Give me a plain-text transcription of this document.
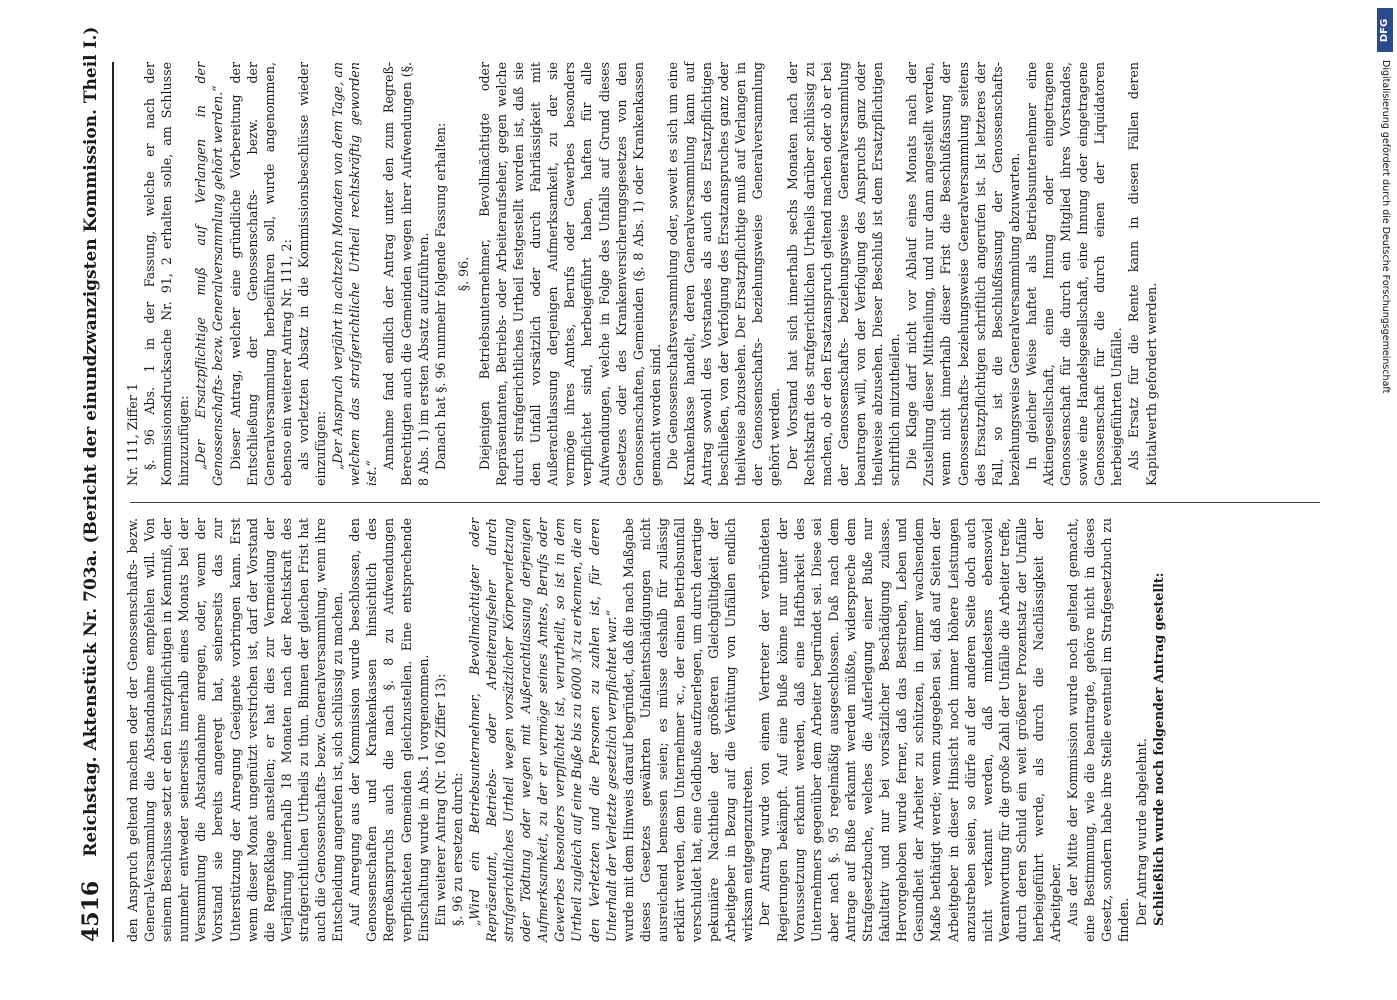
4516
Reichstag. Aktenstück Nr. 703a. (Bericht der einundzwanzigsten Kommission. Theil I.) den Anspruch geltend machen oder der Genossenschafts- bezw. General-Versammlung die Abstandnahme empfehlen will. Von seinem Beschlusse setzt er den Ersatzpflichtigen in Kenntniß, der nunmehr entweder seinerseits innerhalb eines Monats bei der Versammlung die Abstandnahme anregen, oder, wenn der Vorstand sie bereits angeregt hat, seinerseits das zur Unterstützung der Anregung Geeignete vorbringen kann. Erst wenn dieser Monat ungenützt verstrichen ist, darf der Vorstand die Regreßklage anstellen; er hat dies zur Vermeidung der Verjährung innerhalb 18 Monaten nach der Rechtskraft des strafgerichtlichen Urtheils zu thun. Binnen der gleichen Frist hat auch die Genossenschafts- bezw. Generalversammlung, wenn ihre Entscheidung angerufen ist, sich schlüssig zu machen. Auf Anregung aus der Kommission wurde beschlossen, den Genossenschaften und Krankenkassen hinsichtlich des Regreßanspruchs auch die nach §. 8 zu Aufwendungen verpflichteten Gemeinden gleichzustellen. Eine entsprechende Einschaltung wurde in Abs. 1 vorgenommen. Ein weiterer Antrag (Nr. 106 Ziffer 13): §. 96 zu ersetzen durch: „Wird ein Betriebsunternehmer, Bevollmächtigter oder Repräsentant, Betriebs- oder Arbeiteraufseher durch strafgerichtliches Urtheil wegen vorsätzlicher Körperverletzung oder Tödtung oder wegen mit Außerachtlassung derjenigen Aufmerksamkeit, zu der er vermöge seines Amtes, Berufs oder Gewerbes besonders verpflichtet ist, verurtheilt, so ist in dem Urtheil zugleich auf eine Buße bis zu 6000 ℳ zu erkennen, die an den Verletzten und die Personen zu zahlen ist, für deren Unterhalt der Verletzte gesetzlich verpflichtet war.“ wurde mit dem Hinweis darauf begründet, daß die nach Maßgabe dieses Gesetzes gewährten Unfallentschädigungen nicht ausreichend bemessen seien; es müsse deshalb für zulässig erklärt werden, dem Unternehmer ꝛc., der einen Betriebsunfall verschuldet hat, eine Geldbuße aufzuerlegen, um durch derartige pekuniäre Nachtheile der größeren Gleichgültigkeit der Arbeitgeber in Bezug auf die Verhütung von Unfällen endlich wirksam entgegenzutreten. Der Antrag wurde von einem Vertreter der verbündeten Regierungen bekämpft. Auf eine Buße könne nur unter der Voraussetzung erkannt werden, daß eine Haftbarkeit des Unternehmers gegenüber dem Arbeiter begründet sei. Diese sei aber nach §. 95 regelmäßig ausgeschlossen. Daß nach dem Antrage auf Buße erkannt werden müßte, widerspreche dem Strafgesetzbuche, welches die Auferlegung einer Buße nur fakultativ und nur bei vorsätzlicher Beschädigung zulasse. Hervorgehoben wurde ferner, daß das Bestreben, Leben und Gesundheit der Arbeiter zu schützen, in immer wachsendem Maße bethätigt werde; wenn zugegeben sei, daß auf Seiten der Arbeitgeber in dieser Hinsicht noch immer höhere Leistungen anzustreben seien, so dürfe auf der anderen Seite doch auch nicht verkannt werden, daß mindestens ebensoviel Verantwortung für die große Zahl der Unfälle die Arbeiter treffe, durch deren Schuld ein weit größerer Prozentsatz der Unfälle herbeigeführt werde, als durch die Nachlässigkeit der Arbeitgeber. Aus der Mitte der Kommission wurde noch geltend gemacht, eine Bestimmung, wie die beantragte, gehöre nicht in dieses Gesetz, sondern habe ihre Stelle eventuell im Strafgesetzbuch zu finden. Der Antrag wurde abgelehnt. Schließlich wurde noch folgender Antrag gestellt:

Nr. 111, Ziffer 1 §. 96 Abs. 1 in der Fassung, welche er nach der Kommissionsdrucksache Nr. 91, 2 erhalten solle, am Schlusse hinzuzufügen: „Der Ersatzpflichtige muß auf Verlangen in der Genossenschafts- bezw. Generalversammlung gehört werden.“ Dieser Antrag, welcher eine gründliche Vorbereitung der Entschließung der Genossenschafts- bezw. der Generalversammlung herbeiführen soll, wurde angenommen, ebenso ein weiterer Antrag Nr. 111, 2: als vorletzten Absatz in die Kommissionsbeschlüsse wieder einzufügen: „Der Anspruch verjährt in achtzehn Monaten von dem Tage, an welchem das strafgerichtliche Urtheil rechtskräftig geworden ist.“

Annahme fand endlich der Antrag unter den zum Regreß-Berechtigten auch die Gemeinden wegen ihrer Aufwendungen (§. 8 Abs. 1) im ersten Absatz aufzuführen. Danach hat §. 96 nunmehr folgende Fassung erhalten: §. 96. Diejenigen Betriebsunternehmer, Bevollmächtigte oder Repräsentanten, Betriebs- oder Arbeiteraufseher, gegen welche durch strafgerichtliches Urtheil festgestellt worden ist, daß sie den Unfall vorsätzlich oder durch Fahrlässigkeit mit Außerachtlassung derjenigen Aufmerksamkeit, zu der sie vermöge ihres Amtes, Berufs oder Gewerbes besonders verpflichtet sind, herbeigeführt haben, haften für alle Aufwendungen, welche in Folge des Unfalls auf Grund dieses Gesetzes oder des Krankenversicherungsgesetzes von den Genossenschaften, Gemeinden (§. 8 Abs. 1) oder Krankenkassen gemacht worden sind. Die Genossenschaftsversammlung oder, soweit es sich um eine Krankenkasse handelt, deren Generalversammlung kann auf Antrag sowohl des Vorstandes als auch des Ersatzpflichtigen beschließen, von der Verfolgung des Ersatzanspruches ganz oder theilweise abzusehen. Der Ersatzpflichtige muß auf Verlangen in der Genossenschafts- beziehungsweise Generalversammlung gehört werden. Der Vorstand hat sich innerhalb sechs Monaten nach der Rechtskraft des strafgerichtlichen Urtheils darüber schlüssig zu machen, ob er den Ersatzanspruch geltend machen oder ob er bei der Genossenschafts- beziehungsweise Generalversammlung beantragen will, von der Verfolgung des Anspruchs ganz oder theilweise abzusehen. Dieser Beschluß ist dem Ersatzpflichtigen schriftlich mitzutheilen. Die Klage darf nicht vor Ablauf eines Monats nach der Zustellung dieser Mittheilung, und nur dann angestellt werden, wenn nicht innerhalb dieser Frist die Beschlußfassung der Genossenschafts- beziehungsweise Generalversammlung seitens des Ersatzpflichtigen schriftlich angerufen ist. Ist letzteres der Fall, so ist die Beschlußfassung der Genossenschafts- beziehungsweise Generalversammlung abzuwarten. In gleicher Weise haftet als Betriebsunternehmer eine Aktiengesellschaft, eine Innung oder eingetragene Genossenschaft für die durch ein Mitglied ihres Vorstandes, sowie eine Handelsgesellschaft, eine Innung oder eingetragene Genossenschaft für die durch einen der Liquidatoren herbeigeführten Unfälle. Als Ersatz für die Rente kann in diesen Fällen deren Kapitalwerth gefordert werden.

DFG
Digitalisierung gefördert durch die Deutsche Forschungsgemeinschaft
